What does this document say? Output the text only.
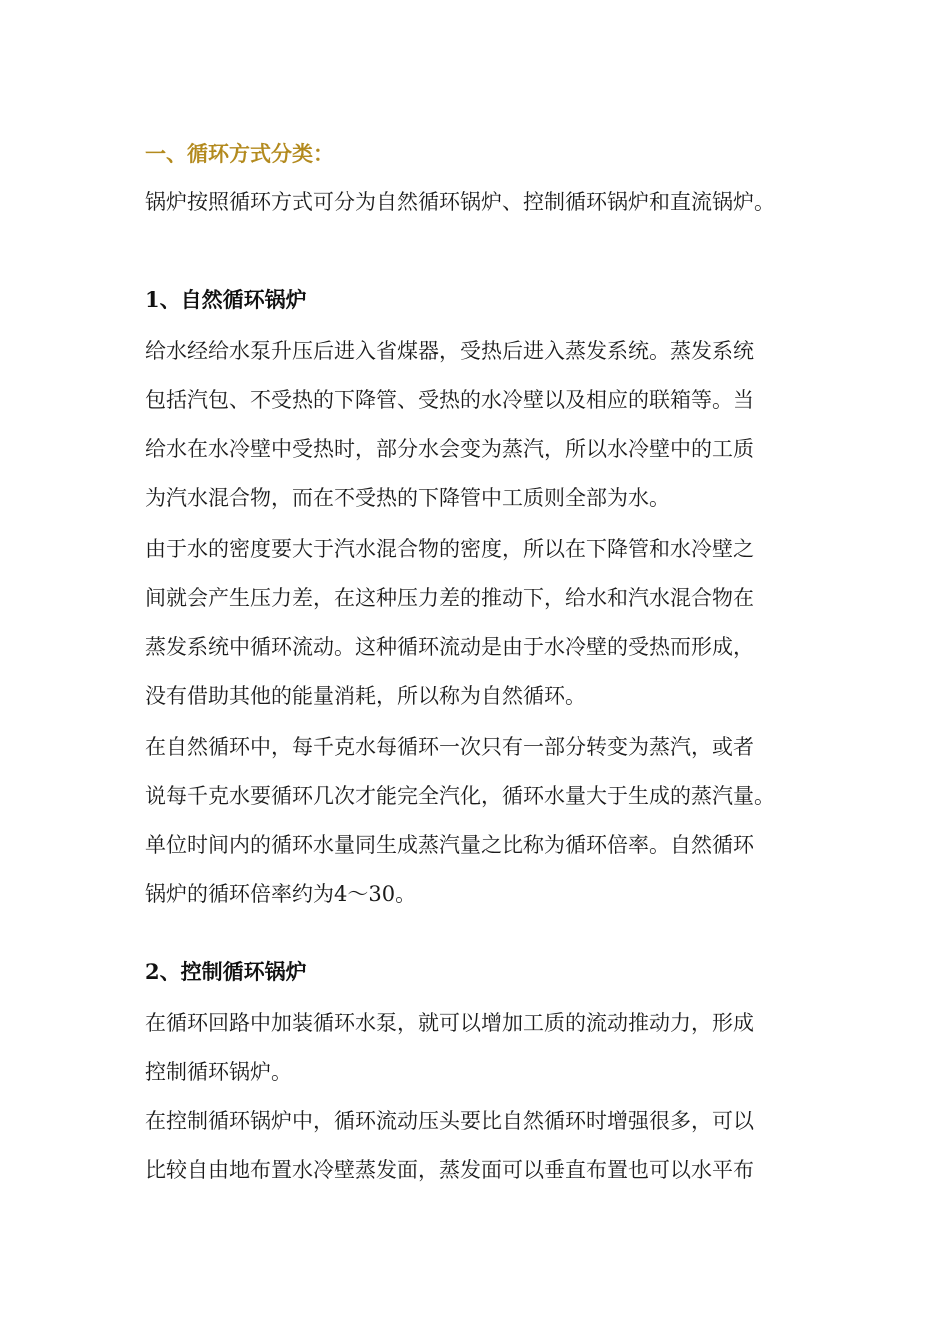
一、循环方式分类：
锅炉按照循环方式可分为自然循环锅炉、控制循环锅炉和直流锅炉。
1、自然循环锅炉
给水经给水泵升压后进入省煤器，受热后进入蒸发系统。蒸发系统
包括汽包、不受热的下降管、受热的水冷壁以及相应的联箱等。当
给水在水冷壁中受热时，部分水会变为蒸汽，所以水冷壁中的工质
为汽水混合物，而在不受热的下降管中工质则全部为水。
由于水的密度要大于汽水混合物的密度，所以在下降管和水冷壁之
间就会产生压力差，在这种压力差的推动下，给水和汽水混合物在
蒸发系统中循环流动。这种循环流动是由于水冷壁的受热而形成，
没有借助其他的能量消耗，所以称为自然循环。
在自然循环中，每千克水每循环一次只有一部分转变为蒸汽，或者
说每千克水要循环几次才能完全汽化，循环水量大于生成的蒸汽量。
单位时间内的循环水量同生成蒸汽量之比称为循环倍率。自然循环
锅炉的循环倍率约为4～30。
2、控制循环锅炉
在循环回路中加装循环水泵，就可以增加工质的流动推动力，形成
控制循环锅炉。
在控制循环锅炉中，循环流动压头要比自然循环时增强很多，可以
比较自由地布置水冷壁蒸发面，蒸发面可以垂直布置也可以水平布
